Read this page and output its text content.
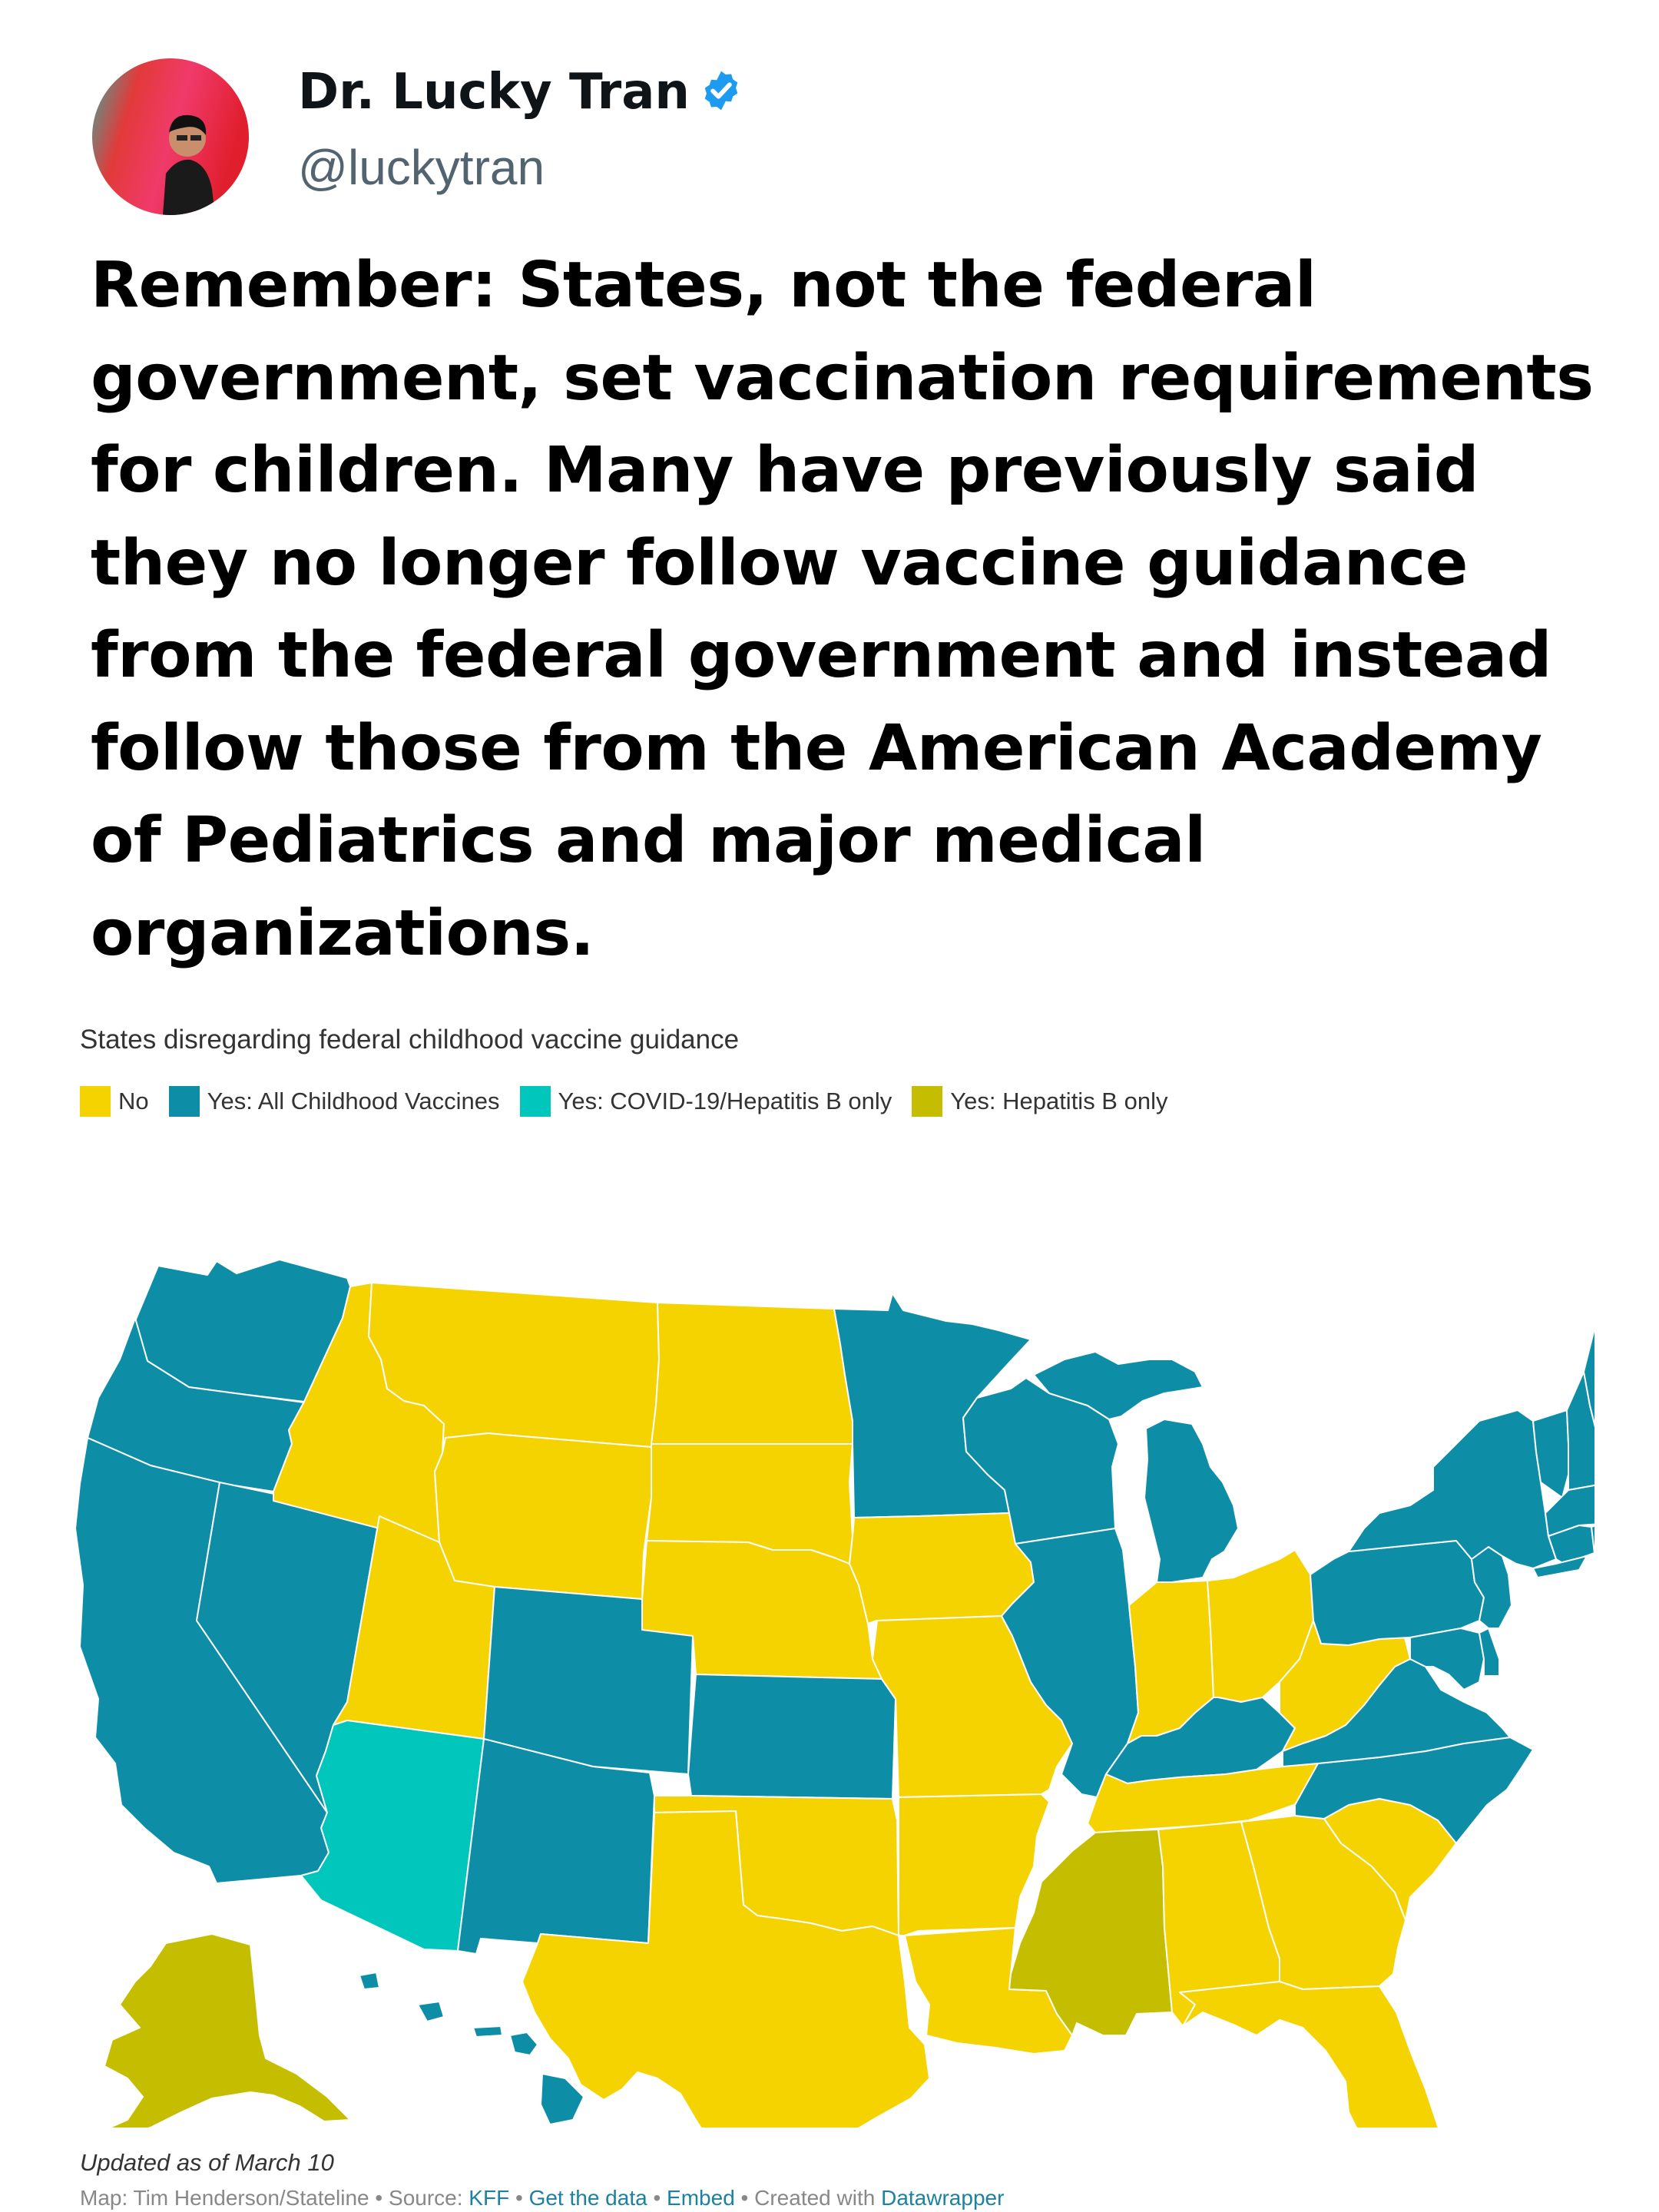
Dr. Lucky Tran
@luckytran

Remember: States, not the federal government, set vaccination requirements for children. Many have previously said they no longer follow vaccine guidance from the federal government and instead follow those from the American Academy of Pediatrics and major medical organizations.

States disregarding federal childhood vaccine guidance
No Yes: All Childhood Vaccines Yes: COVID-19/Hepatitis B only Yes: Hepatitis B only
Updated as of March 10
Map: Tim Henderson/Stateline • Source: KFF • Get the data • Embed • Created with Datawrapper
